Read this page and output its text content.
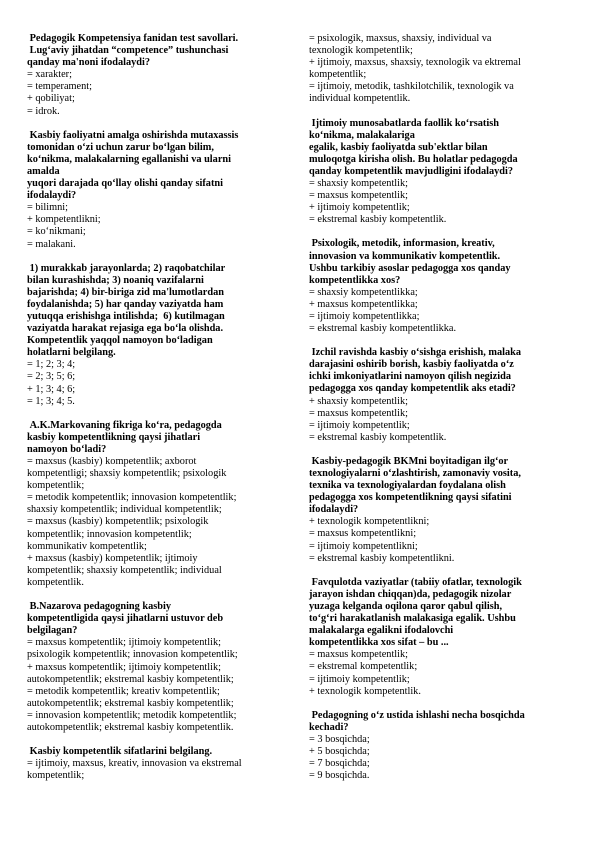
Pedagogik Kompetensiya fanidan test savollari.
Lug‘aviy jihatdan “competence” tushunchasi
qanday ma'noni ifodalaydi?
= xarakter;
= temperament;
+ qobiliyat;
= idrok.
Kasbiy faoliyatni amalga oshirishda mutaxassis
tomonidan o‘zi uchun zarur bo‘lgan bilim,
ko‘nikma, malakalarning egallanishi va ularni
amalda
yuqori darajada qo‘llay olishi qanday sifatni
ifodalaydi?
= bilimni;
+ kompetentlikni;
= ko‘nikmani;
= malakani.
1) murakkab jarayonlarda; 2) raqobatchilar
bilan kurashishda; 3) noaniq vazifalarni
bajarishda; 4) bir-biriga zid ma'lumotlardan
foydalanishda; 5) har qanday vaziyatda ham
yutuqqa erishishga intilishda;  6) kutilmagan
vaziyatda harakat rejasiga ega bo‘la olishda.
Kompetentlik yaqqol namoyon bo‘ladigan
holatlarni belgilang.
= 1; 2; 3; 4;
= 2; 3; 5; 6;
+ 1; 3; 4; 6;
= 1; 3; 4; 5.
A.K.Markovaning fikriga ko‘ra, pedagogda
kasbiy kompetentlikning qaysi jihatlari
namoyon bo‘ladi?
= maxsus (kasbiy) kompetentlik; axborot
kompetentligi; shaxsiy kompetentlik; psixologik
kompetentlik;
= metodik kompetentlik; innovasion kompetentlik;
shaxsiy kompetentlik; individual kompetentlik;
= maxsus (kasbiy) kompetentlik; psixologik
kompetentlik; innovasion kompetentlik;
kommunikativ kompetentlik;
+ maxsus (kasbiy) kompetentlik; ijtimoiy
kompetentlik; shaxsiy kompetentlik; individual
kompetentlik.
B.Nazarova pedagogning kasbiy
kompetentligida qaysi jihatlarni ustuvor deb
belgilagan?
= maxsus kompetentlik; ijtimoiy kompetentlik;
psixologik kompetentlik; innovasion kompetentlik;
+ maxsus kompetentlik; ijtimoiy kompetentlik;
autokompetentlik; ekstremal kasbiy kompetentlik;
= metodik kompetentlik; kreativ kompetentlik;
autokompetentlik; ekstremal kasbiy kompetentlik;
= innovasion kompetentlik; metodik kompetentlik;
autokompetentlik; ekstremal kasbiy kompetentlik.
Kasbiy kompetentlik sifatlarini belgilang.
= ijtimoiy, maxsus, kreativ, innovasion va ekstremal
kompetentlik;
= psixologik, maxsus, shaxsiy, individual va
texnologik kompetentlik;
+ ijtimoiy, maxsus, shaxsiy, texnologik va ektremal
kompetentlik;
= ijtimoiy, metodik, tashkilotchilik, texnologik va
individual kompetentlik.
Ijtimoiy munosabatlarda faollik ko‘rsatish
ko‘nikma, malakalariga
egalik, kasbiy faoliyatda sub'ektlar bilan
muloqotga kirisha olish. Bu holatlar pedagogda
qanday kompetentlik mavjudligini ifodalaydi?
= shaxsiy kompetentlik;
= maxsus kompetentlik;
+ ijtimoiy kompetentlik;
= ekstremal kasbiy kompetentlik.
Psixologik, metodik, informasion, kreativ,
innovasion va kommunikativ kompetentlik.
Ushbu tarkibiy asoslar pedagogga xos qanday
kompetentlikka xos?
= shaxsiy kompetentlikka;
+ maxsus kompetentlikka;
= ijtimoiy kompetentlikka;
= ekstremal kasbiy kompetentlikka.
Izchil ravishda kasbiy o‘sishga erishish, malaka
darajasini oshirib borish, kasbiy faoliyatda o‘z
ichki imkoniyatlarini namoyon qilish negizida
pedagogga xos qanday kompetentlik aks etadi?
+ shaxsiy kompetentlik;
= maxsus kompetentlik;
= ijtimoiy kompetentlik;
= ekstremal kasbiy kompetentlik.
Kasbiy-pedagogik BKMni boyitadigan ilg‘or
texnologiyalarni o‘zlashtirish, zamonaviy vosita,
texnika va texnologiyalardan foydalana olish
pedagogga xos kompetentlikning qaysi sifatini
ifodalaydi?
+ texnologik kompetentlikni;
= maxsus kompetentlikni;
= ijtimoiy kompetentlikni;
= ekstremal kasbiy kompetentlikni.
Favqulotda vaziyatlar (tabiiy ofatlar, texnologik
jarayon ishdan chiqqan)da, pedagogik nizolar
yuzaga kelganda oqilona qaror qabul qilish,
to‘g‘ri harakatlanish malakasiga egalik. Ushbu
malakalarga egalikni ifodalovchi
kompetentlikka xos sifat – bu ...
= maxsus kompetentlik;
= ekstremal kompetentlik;
= ijtimoiy kompetentlik;
+ texnologik kompetentlik.
Pedagogning o‘z ustida ishlashi necha bosqichda
kechadi?
= 3 bosqichda;
+ 5 bosqichda;
= 7 bosqichda;
= 9 bosqichda.
